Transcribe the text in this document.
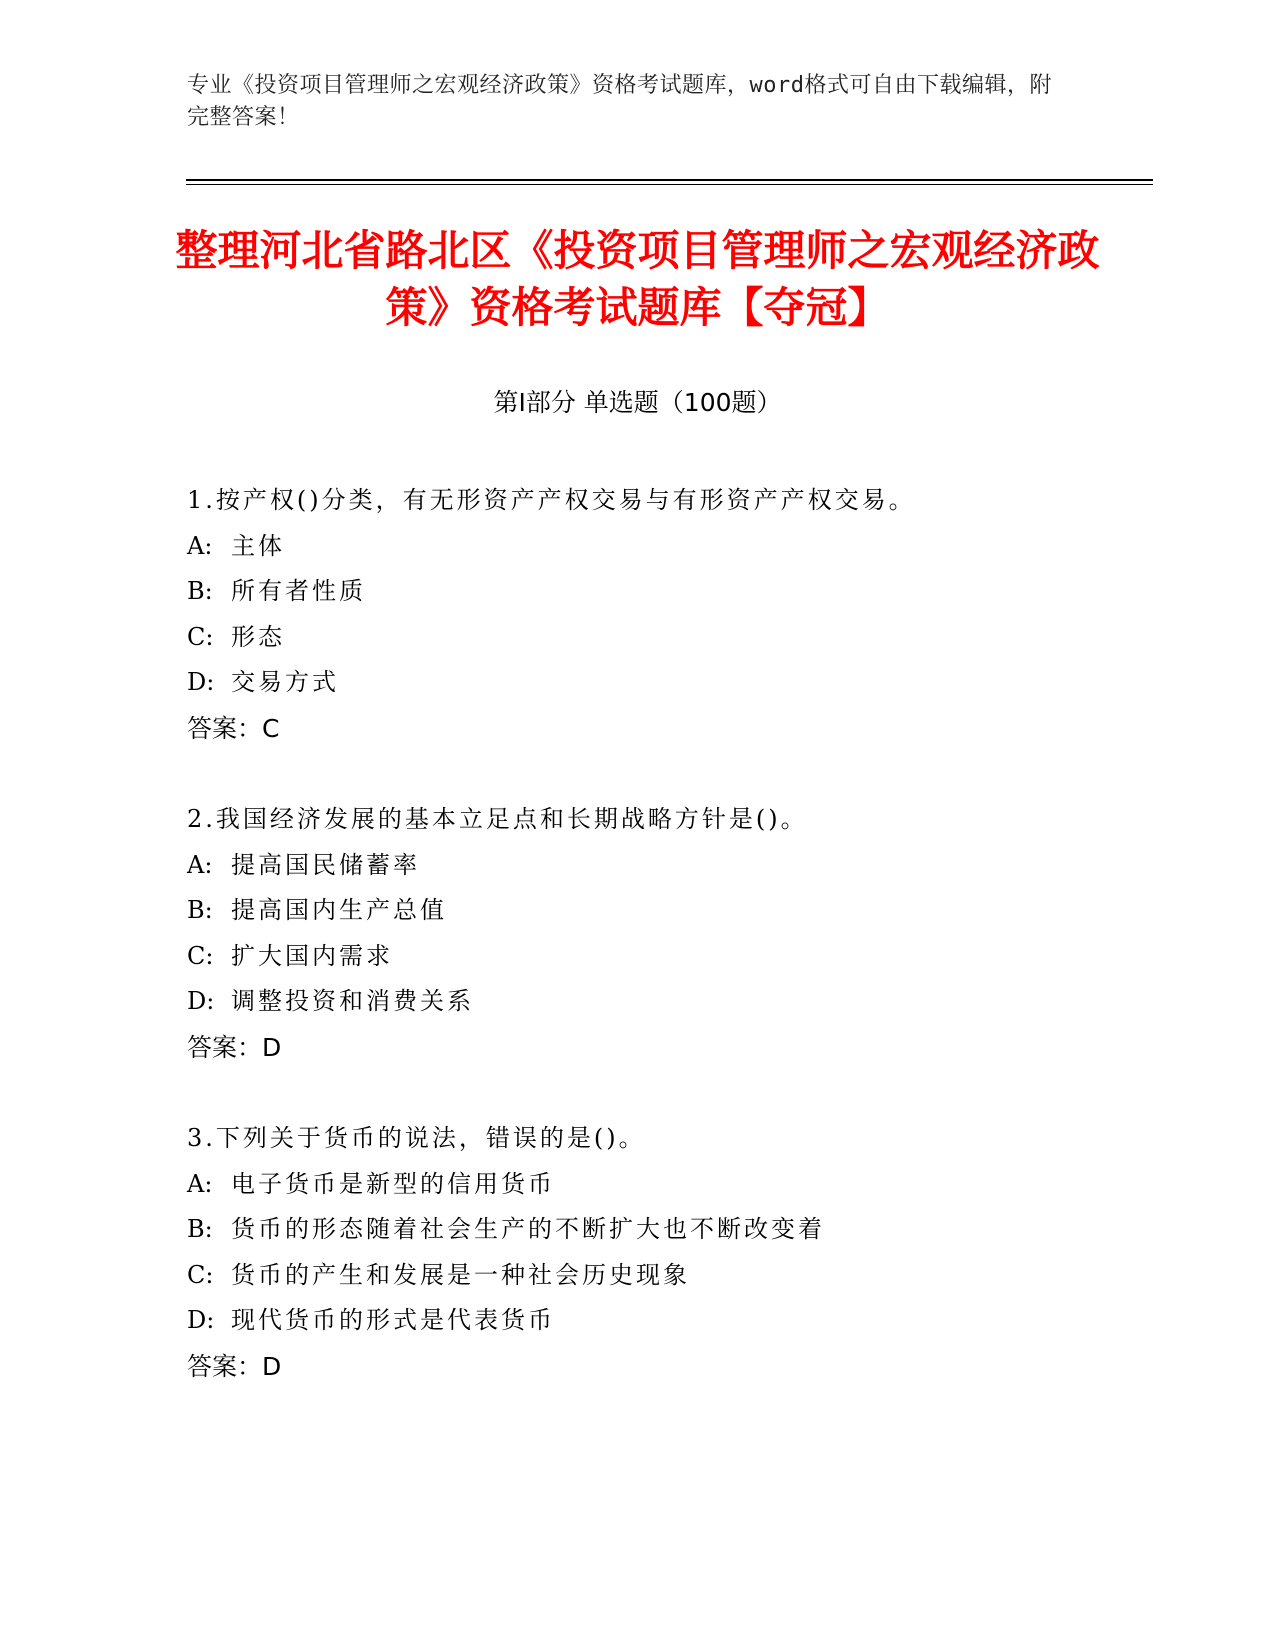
专业《投资项目管理师之宏观经济政策》资格考试题库，word格式可自由下载编辑，附完整答案！
整理河北省路北区《投资项目管理师之宏观经济政策》资格考试题库【夺冠】
第Ⅰ部分 单选题（100题）
1.按产权()分类，有无形资产产权交易与有形资产产权交易。
A: 主体
B: 所有者性质
C: 形态
D: 交易方式
答案：C
2.我国经济发展的基本立足点和长期战略方针是()。
A: 提高国民储蓄率
B: 提高国内生产总值
C: 扩大国内需求
D: 调整投资和消费关系
答案：D
3.下列关于货币的说法，错误的是()。
A: 电子货币是新型的信用货币
B: 货币的形态随着社会生产的不断扩大也不断改变着
C: 货币的产生和发展是一种社会历史现象
D: 现代货币的形式是代表货币
答案：D
